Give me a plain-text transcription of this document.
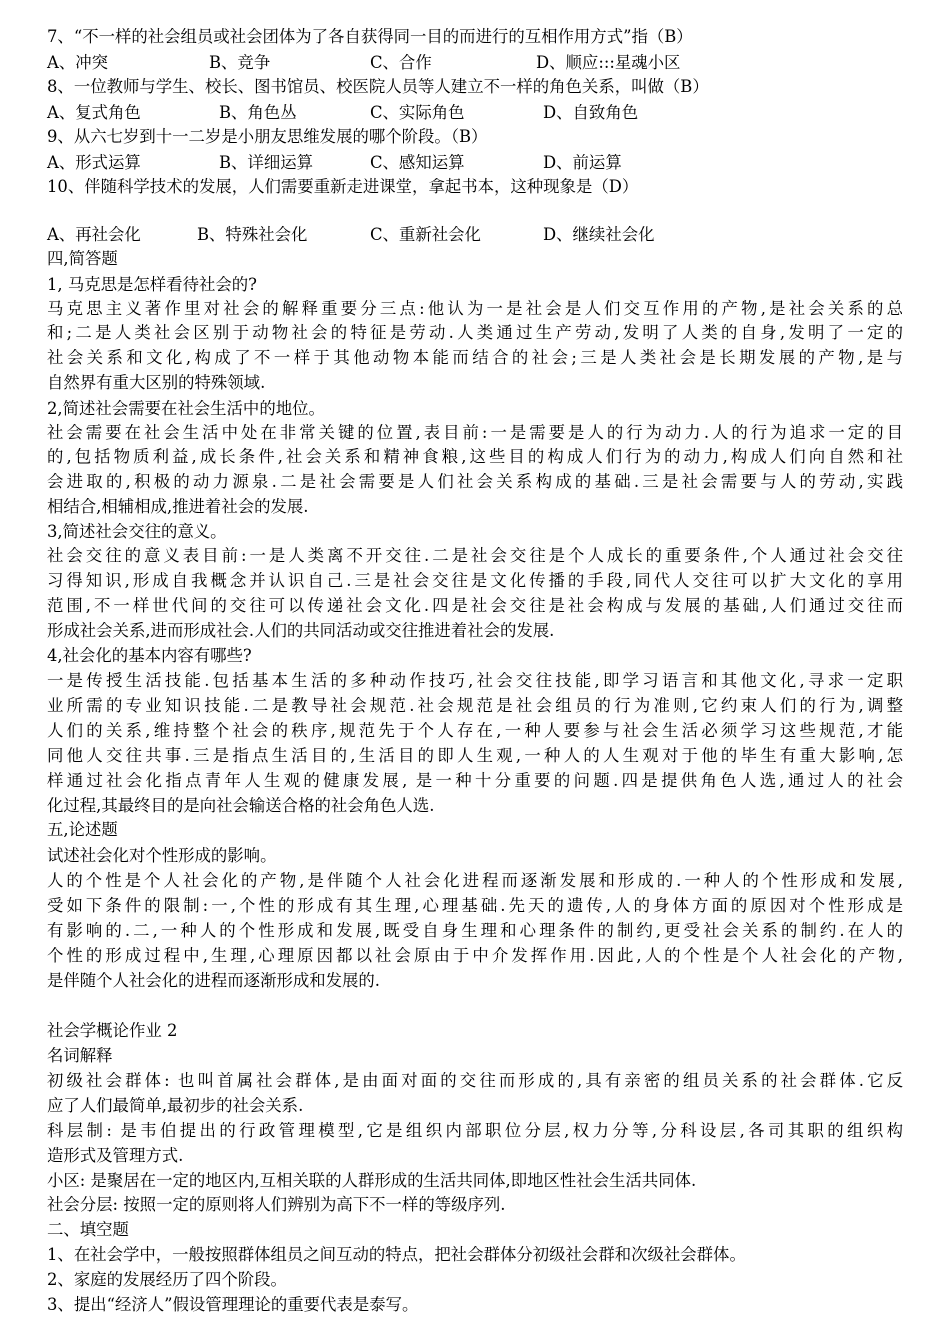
7、“不一样的社会组员或社会团体为了各自获得同一目的而进行的互相作用方式”指（B）
A、冲突	B、竞争	C、合作	D、顺应:::星魂小区
8、一位教师与学生、校长、图书馆员、校医院人员等人建立不一样的角色关系，叫做（B）
A、复式角色	B、角色丛	C、实际角色	D、自致角色
9、从六七岁到十一二岁是小朋友思维发展的哪个阶段。（B）
A、形式运算	B、详细运算	C、感知运算	D、前运算
10、伴随科学技术的发展，人们需要重新走进课堂，拿起书本，这种现象是（D）
A、再社会化	B、特殊社会化	C、重新社会化	D、继续社会化
四,简答题
1, 马克思是怎样看待社会的?
马克思主义著作里对社会的解释重要分三点:他认为一是社会是人们交互作用的产物,是社会关系的总
和;二是人类社会区别于动物社会的特征是劳动.人类通过生产劳动,发明了人类的自身,发明了一定的
社会关系和文化,构成了不一样于其他动物本能而结合的社会;三是人类社会是长期发展的产物,是与
自然界有重大区别的特殊领域.
2,简述社会需要在社会生活中的地位。
社会需要在社会生活中处在非常关键的位置,表目前:一是需要是人的行为动力.人的行为追求一定的目
的,包括物质利益,成长条件,社会关系和精神食粮,这些目的构成人们行为的动力,构成人们向自然和社
会进取的,积极的动力源泉.二是社会需要是人们社会关系构成的基础.三是社会需要与人的劳动,实践
相结合,相辅相成,推进着社会的发展.
3,简述社会交往的意义。
社会交往的意义表目前:一是人类离不开交往.二是社会交往是个人成长的重要条件,个人通过社会交往
习得知识,形成自我概念并认识自己.三是社会交往是文化传播的手段,同代人交往可以扩大文化的享用
范围,不一样世代间的交往可以传递社会文化.四是社会交往是社会构成与发展的基础,人们通过交往而
形成社会关系,进而形成社会.人们的共同活动或交往推进着社会的发展.
4,社会化的基本内容有哪些?
一是传授生活技能.包括基本生活的多种动作技巧,社会交往技能,即学习语言和其他文化,寻求一定职
业所需的专业知识技能.二是教导社会规范.社会规范是社会组员的行为准则,它约束人们的行为,调整
人们的关系,维持整个社会的秩序,规范先于个人存在,一种人要参与社会生活必须学习这些规范,才能
同他人交往共事.三是指点生活目的,生活目的即人生观,一种人的人生观对于他的毕生有重大影响,怎
样通过社会化指点青年人生观的健康发展, 是一种十分重要的问题.四是提供角色人选,通过人的社会
化过程,其最终目的是向社会输送合格的社会角色人选.
五,论述题
试述社会化对个性形成的影响。
人的个性是个人社会化的产物,是伴随个人社会化进程而逐渐发展和形成的.一种人的个性形成和发展,
受如下条件的限制:一,个性的形成有其生理,心理基础.先天的遗传,人的身体方面的原因对个性形成是
有影响的.二,一种人的个性形成和发展,既受自身生理和心理条件的制约,更受社会关系的制约.在人的
个性的形成过程中,生理,心理原因都以社会原由于中介发挥作用.因此,人的个性是个人社会化的产物,
是伴随个人社会化的进程而逐渐形成和发展的.
社会学概论作业 2
名词解释
初级社会群体: 也叫首属社会群体,是由面对面的交往而形成的,具有亲密的组员关系的社会群体.它反
应了人们最简单,最初步的社会关系.
科层制: 是韦伯提出的行政管理模型,它是组织内部职位分层,权力分等,分科设层,各司其职的组织构
造形式及管理方式.
小区: 是聚居在一定的地区内,互相关联的人群形成的生活共同体,即地区性社会生活共同体.
社会分层: 按照一定的原则将人们辨别为高下不一样的等级序列.
二、填空题
1、在社会学中，一般按照群体组员之间互动的特点，把社会群体分初级社会群和次级社会群体。
2、家庭的发展经历了四个阶段。
3、提出“经济人”假设管理理论的重要代表是泰写。
